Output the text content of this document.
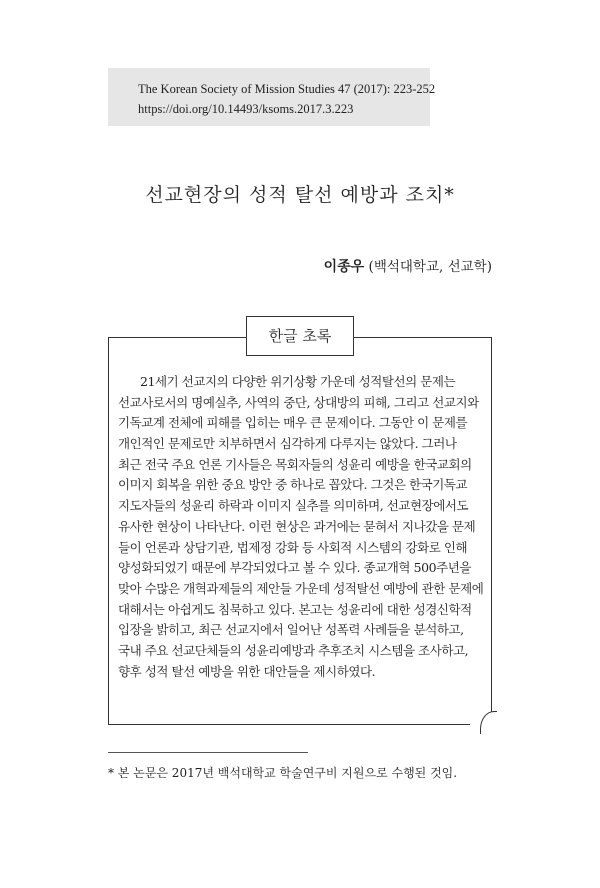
The Korean Society of Mission Studies 47 (2017): 223-252
https://doi.org/10.14493/ksoms.2017.3.223
선교현장의 성적 탈선 예방과 조치*
이종우 (백석대학교, 선교학)
한글 초록
21세기 선교지의 다양한 위기상황 가운데 성적탈선의 문제는
선교사로서의 명예실추, 사역의 중단, 상대방의 피해, 그리고 선교지와
기독교계 전체에 피해를 입히는 매우 큰 문제이다. 그동안 이 문제를
개인적인 문제로만 치부하면서 심각하게 다루지는 않았다. 그러나
최근 전국 주요 언론 기사들은 목회자들의 성윤리 예방을 한국교회의
이미지 회복을 위한 중요 방안 중 하나로 꼽았다. 그것은 한국기독교
지도자들의 성윤리 하락과 이미지 실추를 의미하며, 선교현장에서도
유사한 현상이 나타난다. 이런 현상은 과거에는 묻혀서 지나갔을 문제
들이 언론과 상담기관, 법제정 강화 등 사회적 시스템의 강화로 인해
양성화되었기 때문에 부각되었다고 볼 수 있다. 종교개혁 500주년을
맞아 수많은 개혁과제들의 제안들 가운데 성적탈선 예방에 관한 문제에
대해서는 아쉽게도 침묵하고 있다. 본고는 성윤리에 대한 성경신학적
입장을 밝히고, 최근 선교지에서 일어난 성폭력 사례들을 분석하고,
국내 주요 선교단체들의 성윤리예방과 추후조치 시스템을 조사하고,
향후 성적 탈선 예방을 위한 대안들을 제시하였다.
* 본 논문은 2017년 백석대학교 학술연구비 지원으로 수행된 것임.
